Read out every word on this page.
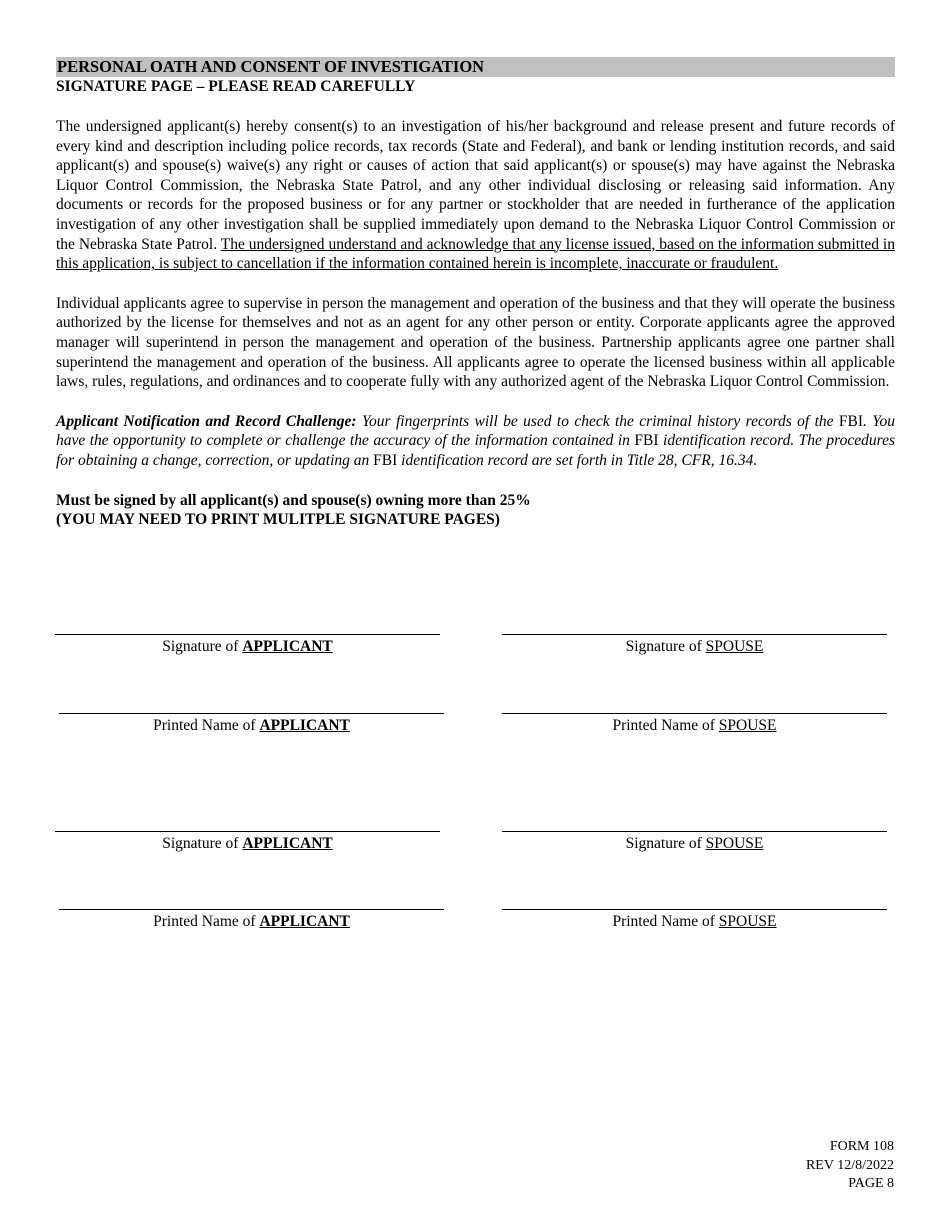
PERSONAL OATH AND CONSENT OF INVESTIGATION
SIGNATURE PAGE – PLEASE READ CAREFULLY

The undersigned applicant(s) hereby consent(s) to an investigation of his/her background and release present and future records of every kind and description including police records, tax records (State and Federal), and bank or lending institution records, and said applicant(s) and spouse(s) waive(s) any right or causes of action that said applicant(s) or spouse(s) may have against the Nebraska Liquor Control Commission, the Nebraska State Patrol, and any other individual disclosing or releasing said information. Any documents or records for the proposed business or for any partner or stockholder that are needed in furtherance of the application investigation of any other investigation shall be supplied immediately upon demand to the Nebraska Liquor Control Commission or the Nebraska State Patrol. The undersigned understand and acknowledge that any license issued, based on the information submitted in this application, is subject to cancellation if the information contained herein is incomplete, inaccurate or fraudulent.

Individual applicants agree to supervise in person the management and operation of the business and that they will operate the business authorized by the license for themselves and not as an agent for any other person or entity. Corporate applicants agree the approved manager will superintend in person the management and operation of the business. Partnership applicants agree one partner shall superintend the management and operation of the business. All applicants agree to operate the licensed business within all applicable laws, rules, regulations, and ordinances and to cooperate fully with any authorized agent of the Nebraska Liquor Control Commission.

Applicant Notification and Record Challenge: Your fingerprints will be used to check the criminal history records of the FBI. You have the opportunity to complete or challenge the accuracy of the information contained in FBI identification record. The procedures for obtaining a change, correction, or updating an FBI identification record are set forth in Title 28, CFR, 16.34.

Must be signed by all applicant(s) and spouse(s) owning more than 25%
(YOU MAY NEED TO PRINT MULITPLE SIGNATURE PAGES)
Signature of APPLICANT	Signature of SPOUSE
Printed Name of APPLICANT	Printed Name of SPOUSE
Signature of APPLICANT	Signature of SPOUSE
Printed Name of APPLICANT	Printed Name of SPOUSE
FORM 108
REV 12/8/2022
PAGE 8
